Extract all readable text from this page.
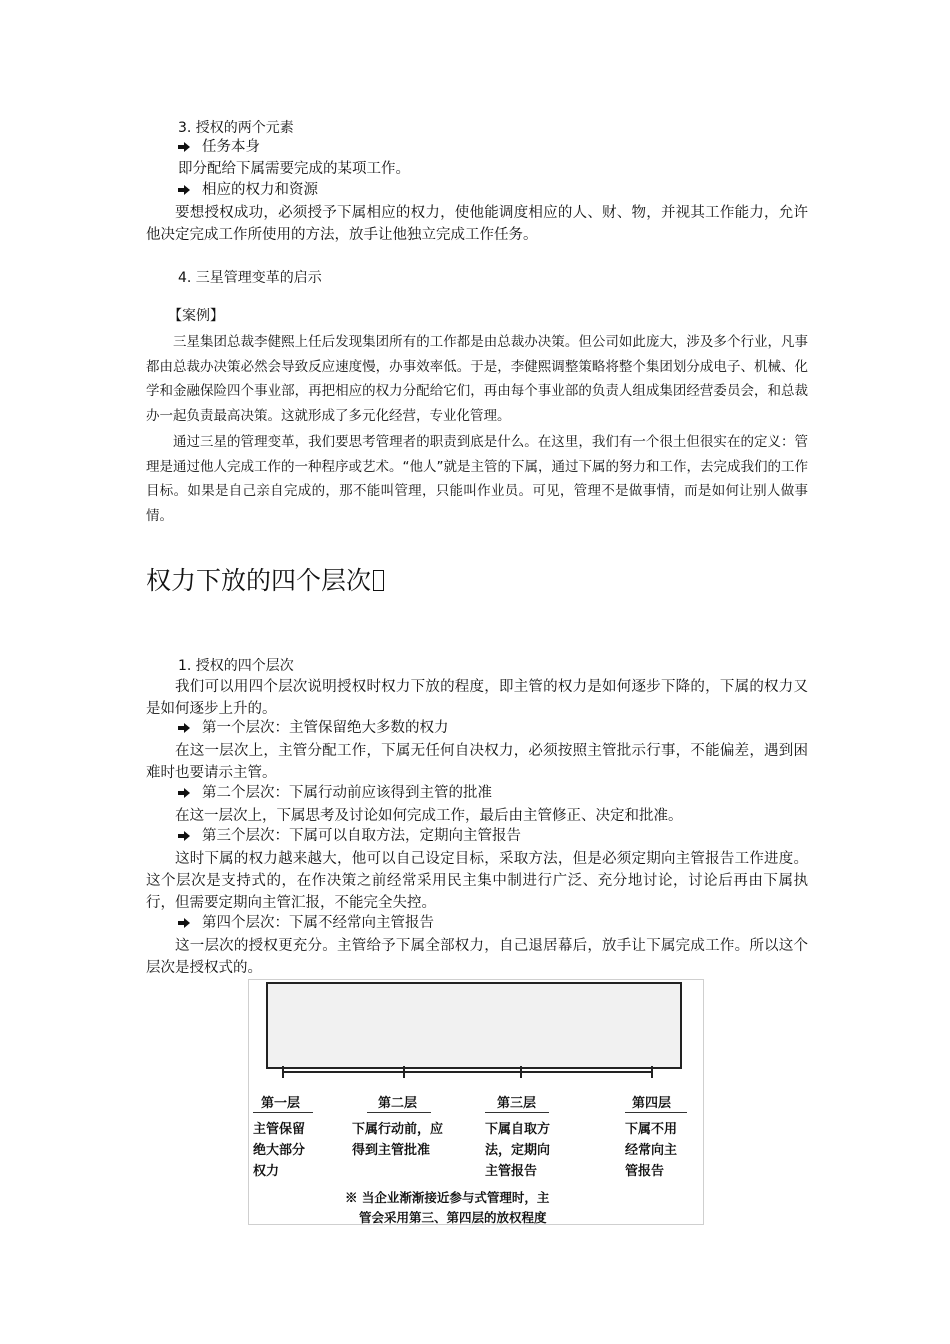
3. 授权的两个元素
任务本身
即分配给下属需要完成的某项工作。
相应的权力和资源

要想授权成功，必须授予下属相应的权力，使他能调度相应的人、财、物，并视其工作能力，允许他决定完成工作所使用的方法，放手让他独立完成工作任务。

4. 三星管理变革的启示
【案例】

三星集团总裁李健熙上任后发现集团所有的工作都是由总裁办决策。但公司如此庞大，涉及多个行业，凡事都由总裁办决策必然会导致反应速度慢，办事效率低。于是，李健熙调整策略将整个集团划分成电子、机械、化学和金融保险四个事业部，再把相应的权力分配给它们，再由每个事业部的负责人组成集团经营委员会，和总裁办一起负责最高决策。这就形成了多元化经营，专业化管理。

通过三星的管理变革，我们要思考管理者的职责到底是什么。在这里，我们有一个很土但很实在的定义：管理是通过他人完成工作的一种程序或艺术。“他人”就是主管的下属，通过下属的努力和工作，去完成我们的工作目标。如果是自己亲自完成的，那不能叫管理，只能叫作业员。可见，管理不是做事情，而是如何让别人做事情。

权力下放的四个层次
1. 授权的四个层次

我们可以用四个层次说明授权时权力下放的程度，即主管的权力是如何逐步下降的，下属的权力又是如何逐步上升的。

第一个层次：主管保留绝大多数的权力

在这一层次上，主管分配工作，下属无任何自决权力，必须按照主管批示行事，不能偏差，遇到困难时也要请示主管。

第二个层次：下属行动前应该得到主管的批准

在这一层次上，下属思考及讨论如何完成工作，最后由主管修正、决定和批准。

第三个层次：下属可以自取方法，定期向主管报告

这时下属的权力越来越大，他可以自己设定目标，采取方法，但是必须定期向主管报告工作进度。这个层次是支持式的，在作决策之前经常采用民主集中制进行广泛、充分地讨论，讨论后再由下属执行，但需要定期向主管汇报，不能完全失控。

第四个层次：下属不经常向主管报告

这一层次的授权更充分。主管给予下属全部权力，自己退居幕后，放手让下属完成工作。所以这个层次是授权式的。

第一层
主管保留
绝大部分
权力
第二层
下属行动前，应
得到主管批准
第三层
下属自取方
法，定期向
主管报告
第四层
下属不用
经常向主
管报告
※ 当企业渐渐接近参与式管理时，主
管会采用第三、第四层的放权程度
